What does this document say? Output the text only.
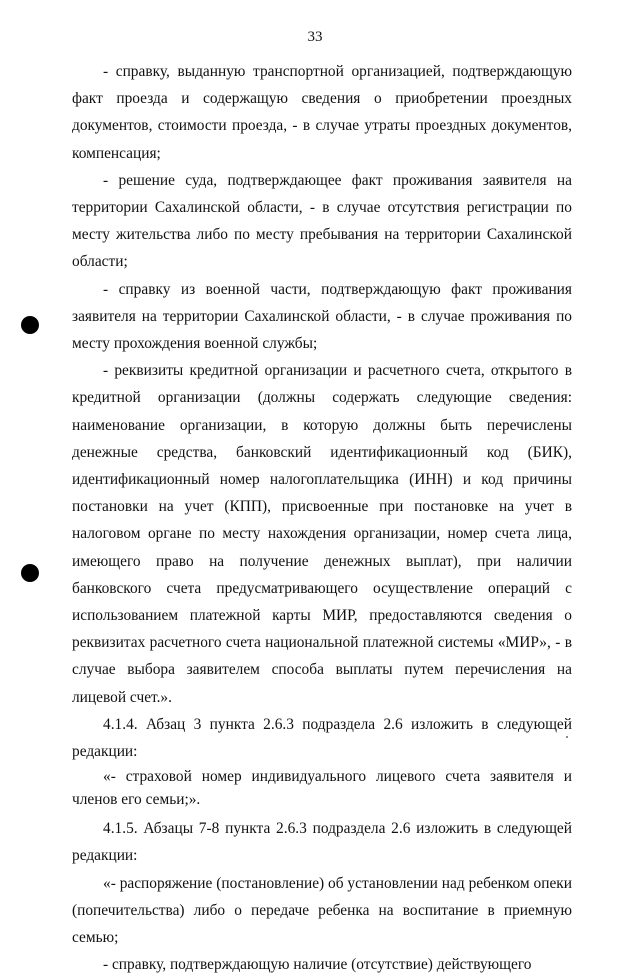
33

- справку, выданную транспортной организацией, подтверждающую факт проезда и содержащую сведения о приобретении проездных документов, стоимости проезда, - в случае утраты проездных документов, компенсация;

- решение суда, подтверждающее факт проживания заявителя на территории Сахалинской области, - в случае отсутствия регистрации по месту жительства либо по месту пребывания на территории Сахалинской области;

- справку из военной части, подтверждающую факт проживания заявителя на территории Сахалинской области, - в случае проживания по месту прохождения военной службы;

- реквизиты кредитной организации и расчетного счета, открытого в кредитной организации (должны содержать следующие сведения: наименование организации, в которую должны быть перечислены денежные средства, банковский идентификационный код (БИК), идентификационный номер налогоплательщика (ИНН) и код причины постановки на учет (КПП), присвоенные при постановке на учет в налоговом органе по месту нахождения организации, номер счета лица, имеющего право на получение денежных выплат), при наличии банковского счета предусматривающего осуществление операций с использованием платежной карты МИР, предоставляются сведения о реквизитах расчетного счета национальной платежной системы «МИР», - в случае выбора заявителем способа выплаты путем перечисления на лицевой счет.».

4.1.4. Абзац 3 пункта 2.6.3 подраздела 2.6 изложить в следующей редакции:

«- страховой номер индивидуального лицевого счета заявителя и членов его семьи;».

4.1.5. Абзацы 7-8 пункта 2.6.3 подраздела 2.6 изложить в следующей редакции:

«- распоряжение (постановление) об установлении над ребенком опеки (попечительства) либо о передаче ребенка на воспитание в приемную семью;

- справку, подтверждающую наличие (отсутствие) действующего
